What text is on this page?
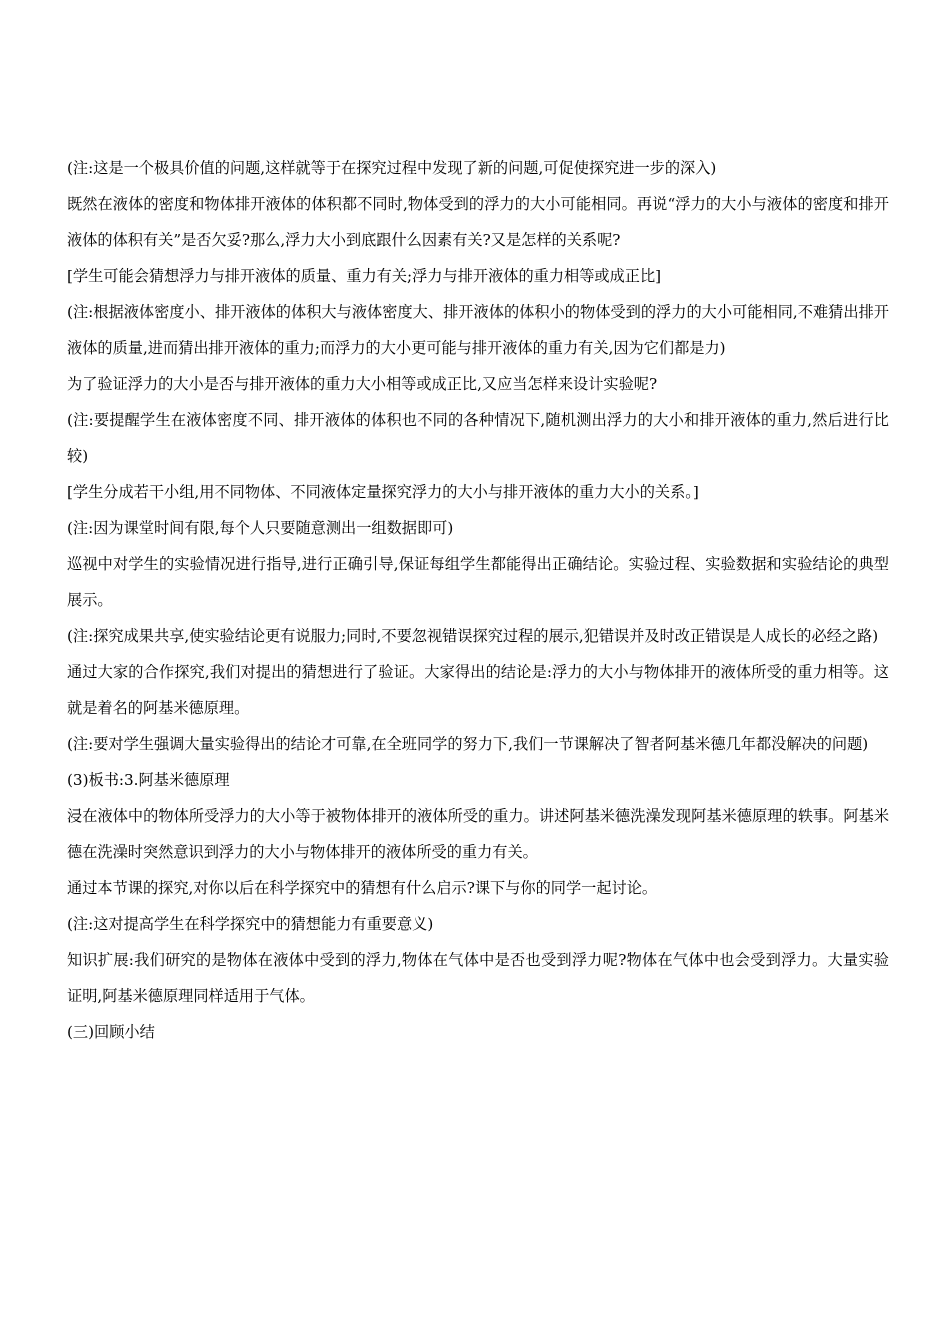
(注:这是一个极具价值的问题,这样就等于在探究过程中发现了新的问题,可促使探究进一步的深入)

既然在液体的密度和物体排开液体的体积都不同时,物体受到的浮力的大小可能相同。再说“浮力的大小与液体的密度和排开液体的体积有关”是否欠妥?那么,浮力大小到底跟什么因素有关?又是怎样的关系呢?

[学生可能会猜想浮力与排开液体的质量、重力有关;浮力与排开液体的重力相等或成正比]

(注:根据液体密度小、排开液体的体积大与液体密度大、排开液体的体积小的物体受到的浮力的大小可能相同,不难猜出排开液体的质量,进而猜出排开液体的重力;而浮力的大小更可能与排开液体的重力有关,因为它们都是力)

为了验证浮力的大小是否与排开液体的重力大小相等或成正比,又应当怎样来设计实验呢?

(注:要提醒学生在液体密度不同、排开液体的体积也不同的各种情况下,随机测出浮力的大小和排开液体的重力,然后进行比较)

[学生分成若干小组,用不同物体、不同液体定量探究浮力的大小与排开液体的重力大小的关系。]

(注:因为课堂时间有限,每个人只要随意测出一组数据即可)

巡视中对学生的实验情况进行指导,进行正确引导,保证每组学生都能得出正确结论。实验过程、实验数据和实验结论的典型展示。

(注:探究成果共享,使实验结论更有说服力;同时,不要忽视错误探究过程的展示,犯错误并及时改正错误是人成长的必经之路)

通过大家的合作探究,我们对提出的猜想进行了验证。大家得出的结论是:浮力的大小与物体排开的液体所受的重力相等。这就是着名的阿基米德原理。

(注:要对学生强调大量实验得出的结论才可靠,在全班同学的努力下,我们一节课解决了智者阿基米德几年都没解决的问题)

(3)板书:3.阿基米德原理

浸在液体中的物体所受浮力的大小等于被物体排开的液体所受的重力。讲述阿基米德洗澡发现阿基米德原理的轶事。阿基米德在洗澡时突然意识到浮力的大小与物体排开的液体所受的重力有关。

通过本节课的探究,对你以后在科学探究中的猜想有什么启示?课下与你的同学一起讨论。

(注:这对提高学生在科学探究中的猜想能力有重要意义)

知识扩展:我们研究的是物体在液体中受到的浮力,物体在气体中是否也受到浮力呢?物体在气体中也会受到浮力。大量实验证明,阿基米德原理同样适用于气体。

(三)回顾小结
